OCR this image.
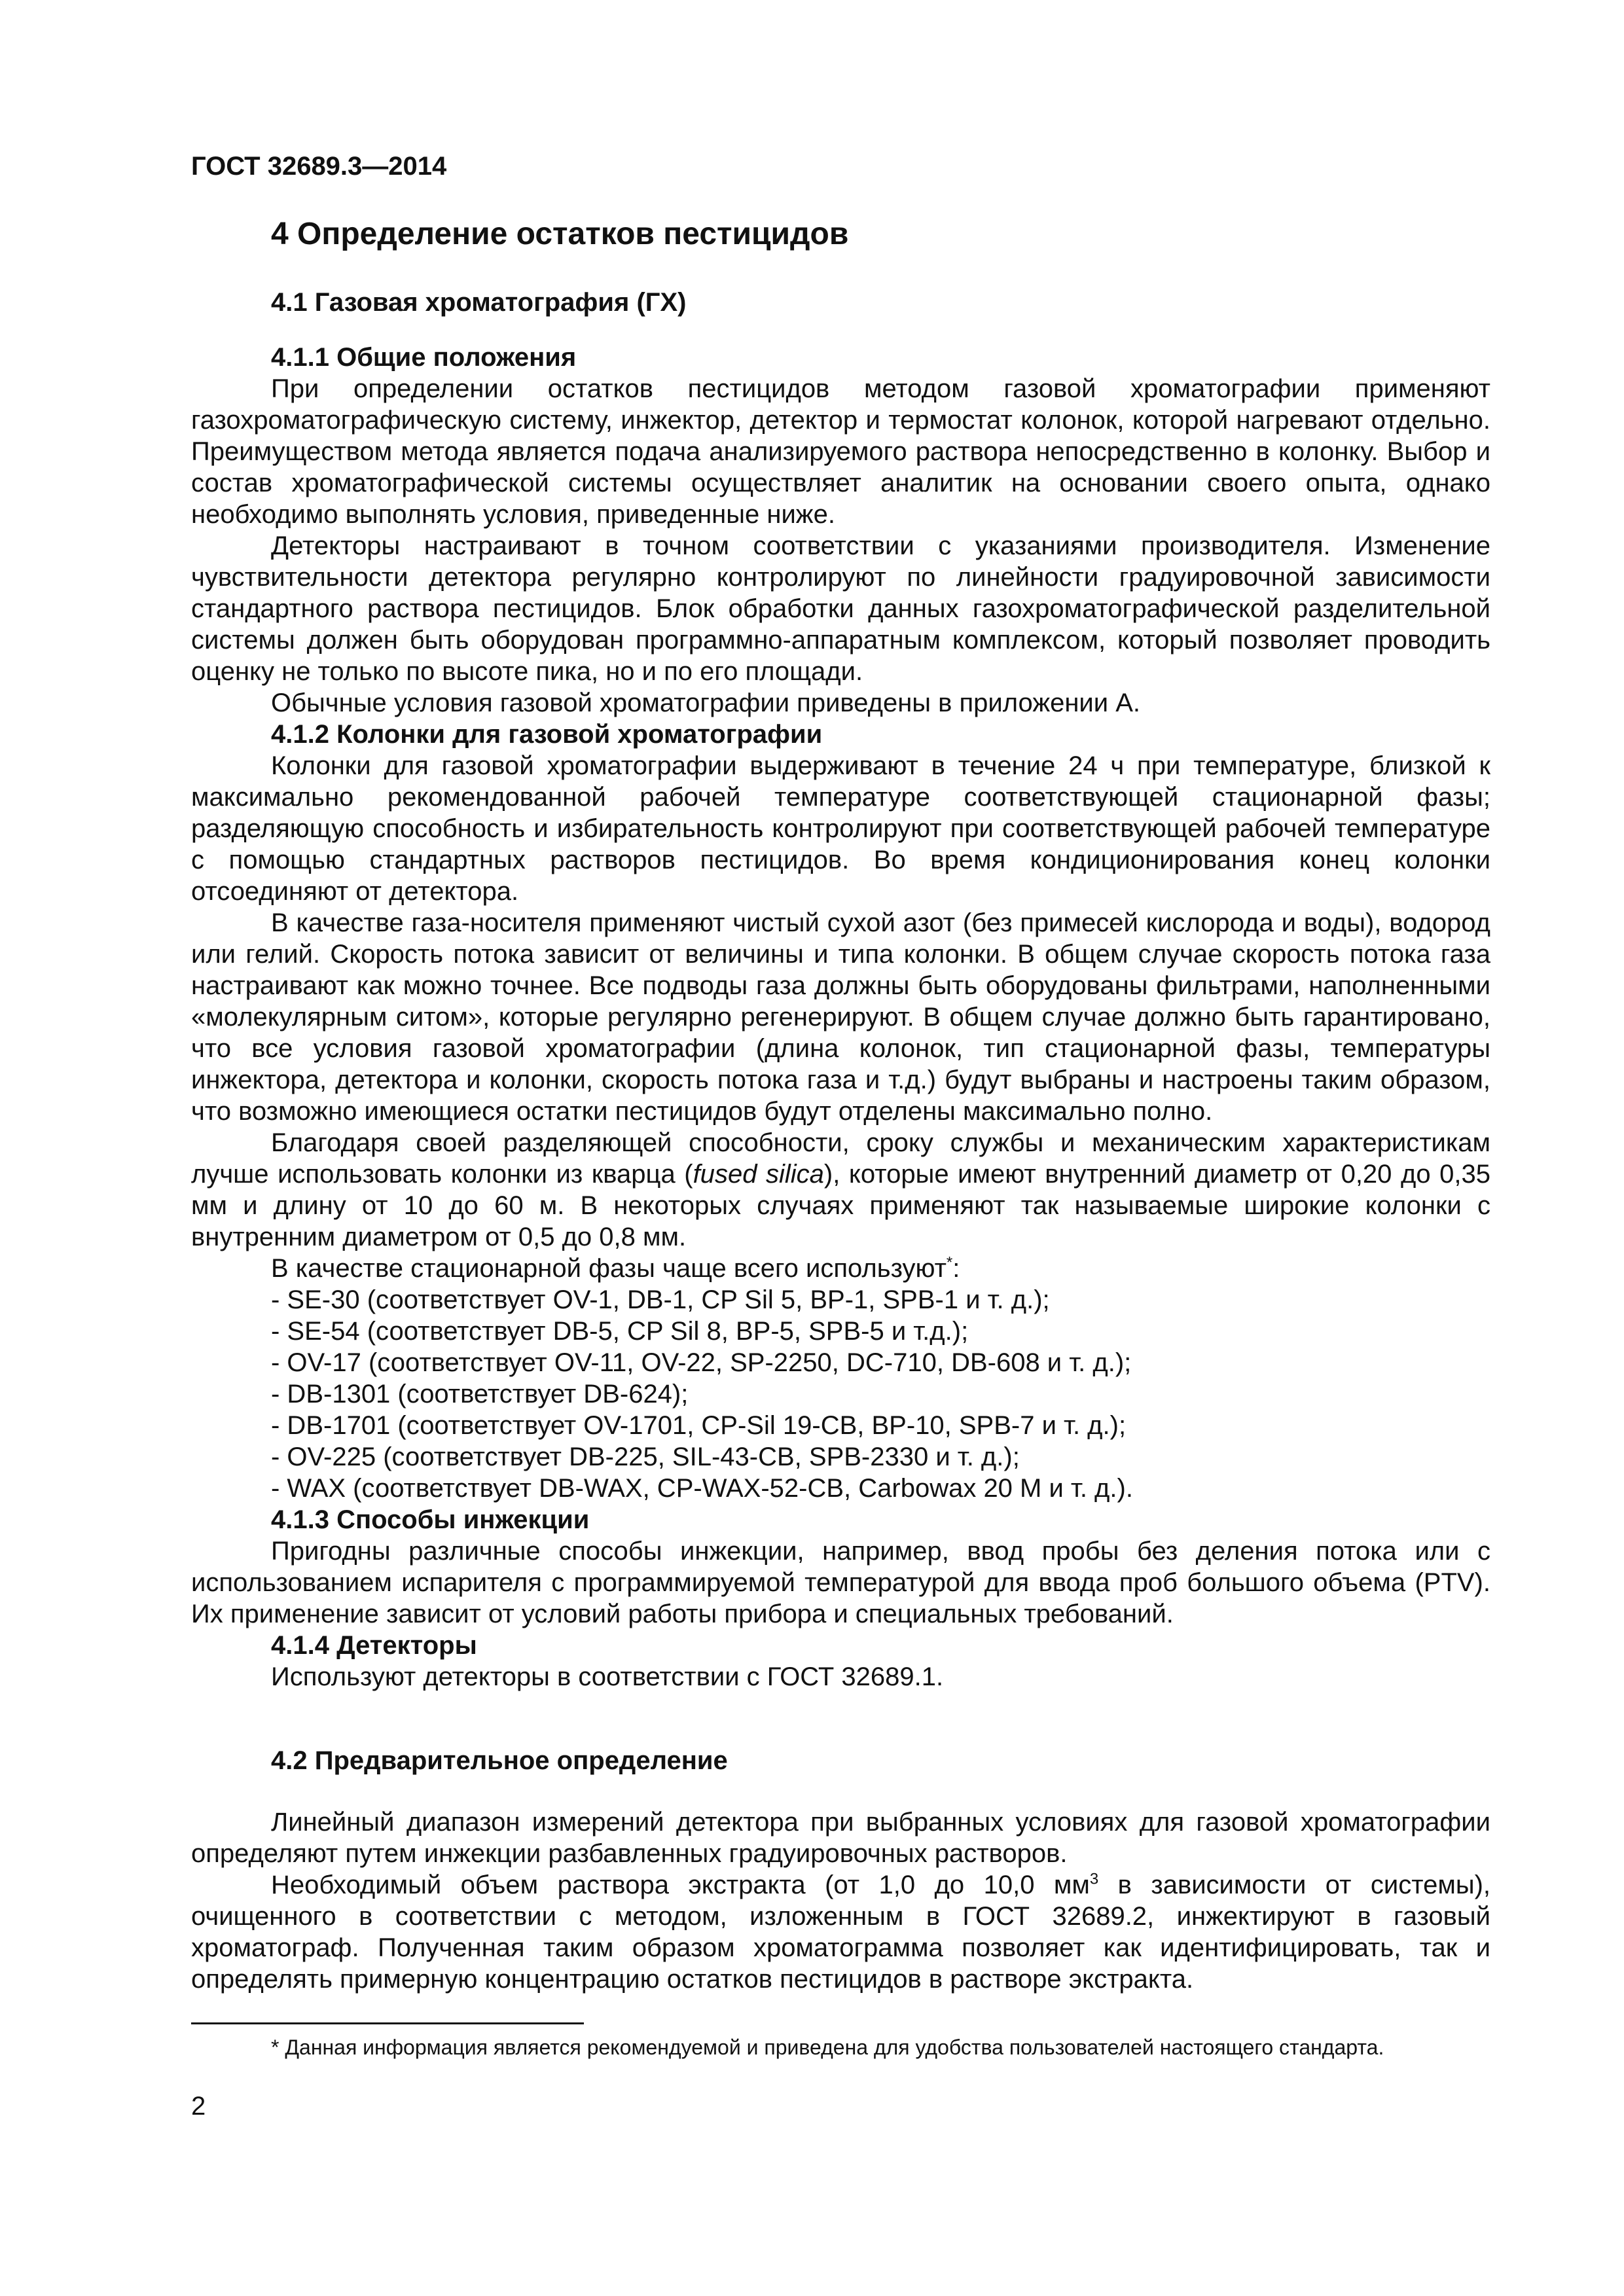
ГОСТ 32689.3—2014

4 Определение остатков пестицидов

4.1 Газовая хроматография (ГХ)

4.1.1 Общие положения

При определении остатков пестицидов методом газовой хроматографии применяют газохроматографическую систему, инжектор, детектор и термостат колонок, которой нагревают отдельно. Преимуществом метода является подача анализируемого раствора непосредственно в колонку. Выбор и состав хроматографической системы осуществляет аналитик на основании своего опыта, однако необходимо выполнять условия, приведенные ниже.

Детекторы настраивают в точном соответствии с указаниями производителя. Изменение чувствительности детектора регулярно контролируют по линейности градуировочной зависимости стандартного раствора пестицидов. Блок обработки данных газохроматографической разделительной системы должен быть оборудован программно-аппаратным комплексом, который позволяет проводить оценку не только по высоте пика, но и по его площади.

Обычные условия газовой хроматографии приведены в приложении А.

4.1.2 Колонки для газовой хроматографии

Колонки для газовой хроматографии выдерживают в течение 24 ч при температуре, близкой к максимально рекомендованной рабочей температуре соответствующей стационарной фазы; разделяющую способность и избирательность контролируют при соответствующей рабочей температуре с помощью стандартных растворов пестицидов. Во время кондиционирования конец колонки отсоединяют от детектора.

В качестве газа-носителя применяют чистый сухой азот (без примесей кислорода и воды), водород или гелий. Скорость потока зависит от величины и типа колонки. В общем случае скорость потока газа настраивают как можно точнее. Все подводы газа должны быть оборудованы фильтрами, наполненными «молекулярным ситом», которые регулярно регенерируют. В общем случае должно быть гарантировано, что все условия газовой хроматографии (длина колонок, тип стационарной фазы, температуры инжектора, детектора и колонки, скорость потока газа и т.д.) будут выбраны и настроены таким образом, что возможно имеющиеся остатки пестицидов будут отделены максимально полно.

Благодаря своей разделяющей способности, сроку службы и механическим характеристикам лучше использовать колонки из кварца (fused silica), которые имеют внутренний диаметр от 0,20 до 0,35 мм и длину от 10 до 60 м. В некоторых случаях применяют так называемые широкие колонки с внутренним диаметром от 0,5 до 0,8 мм.

В качестве стационарной фазы чаще всего используют*:

- SE-30 (соответствует OV-1, DB-1, CP Sil 5, BP-1, SPB-1 и т. д.);

- SE-54 (соответствует DB-5, CP Sil 8, BP-5, SPB-5 и т.д.);

- OV-17 (соответствует OV-11, OV-22, SP-2250, DC-710, DB-608 и т. д.);

- DB-1301 (соответствует DB-624);

- DB-1701 (соответствует OV-1701, CP-Sil 19-CB, BP-10, SPB-7 и т. д.);

- OV-225 (соответствует DB-225, SIL-43-CB, SPB-2330 и т. д.);

- WAX (соответствует DB-WAX, CP-WAX-52-CB, Carbowax 20 M и т. д.).

4.1.3 Способы инжекции

Пригодны различные способы инжекции, например, ввод пробы без деления потока или с использованием испарителя с программируемой температурой для ввода проб большого объема (PTV). Их применение зависит от условий работы прибора и специальных требований.

4.1.4 Детекторы

Используют детекторы в соответствии с ГОСТ 32689.1.

4.2 Предварительное определение

Линейный диапазон измерений детектора при выбранных условиях для газовой хроматографии определяют путем инжекции разбавленных градуировочных растворов.

Необходимый объем раствора экстракта (от 1,0 до 10,0 $мм^3$ в зависимости от системы), очищенного в соответствии с методом, изложенным в ГОСТ 32689.2, инжектируют в газовый хроматограф. Полученная таким образом хроматограмма позволяет как идентифицировать, так и определять примерную концентрацию остатков пестицидов в растворе экстракта.

* Данная информация является рекомендуемой и приведена для удобства пользователей настоящего стандарта.

2
